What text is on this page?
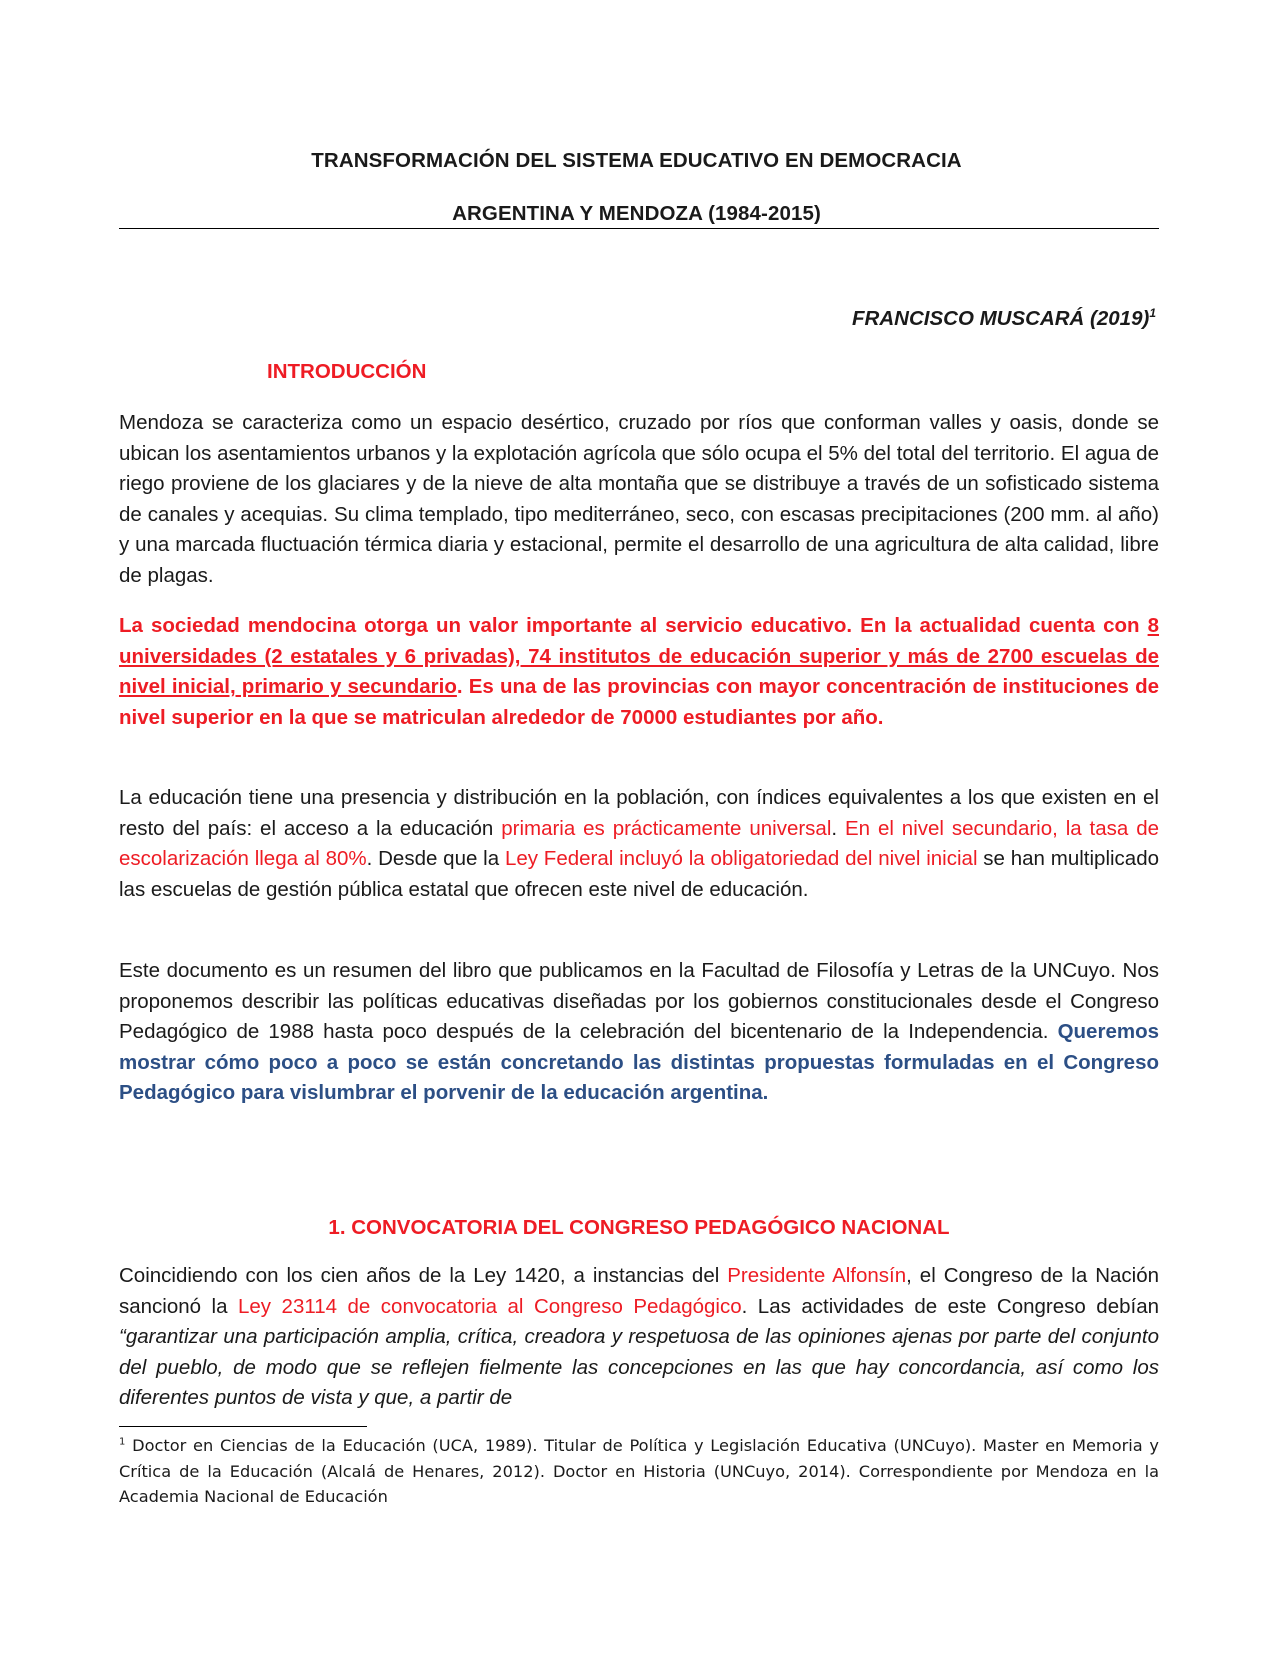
TRANSFORMACIÓN DEL SISTEMA EDUCATIVO EN DEMOCRACIA
ARGENTINA Y MENDOZA (1984-2015)
FRANCISCO MUSCARÁ $(2019)^1$
INTRODUCCIÓN
Mendoza se caracteriza como un espacio desértico, cruzado por ríos que conforman valles y oasis, donde se ubican los asentamientos urbanos y la explotación agrícola que sólo ocupa el 5% del total del territorio. El agua de riego proviene de los glaciares y de la nieve de alta montaña que se distribuye a través de un sofisticado sistema de canales y acequias. Su clima templado, tipo mediterráneo, seco, con escasas precipitaciones (200 mm. al año) y una marcada fluctuación térmica diaria y estacional, permite el desarrollo de una agricultura de alta calidad, libre de plagas.
La sociedad mendocina otorga un valor importante al servicio educativo. En la actualidad cuenta con 8 universidades (2 estatales y 6 privadas), 74 institutos de educación superior y más de 2700 escuelas de nivel inicial, primario y secundario. Es una de las provincias con mayor concentración de instituciones de nivel superior en la que se matriculan alrededor de 70000 estudiantes por año.
La educación tiene una presencia y distribución en la población, con índices equivalentes a los que existen en el resto del país: el acceso a la educación primaria es prácticamente universal. En el nivel secundario, la tasa de escolarización llega al 80%. Desde que la Ley Federal incluyó la obligatoriedad del nivel inicial se han multiplicado las escuelas de gestión pública estatal que ofrecen este nivel de educación.
Este documento es un resumen del libro que publicamos en la Facultad de Filosofía y Letras de la UNCuyo. Nos proponemos describir las políticas educativas diseñadas por los gobiernos constitucionales desde el Congreso Pedagógico de 1988 hasta poco después de la celebración del bicentenario de la Independencia. Queremos mostrar cómo poco a poco se están concretando las distintas propuestas formuladas en el Congreso Pedagógico para vislumbrar el porvenir de la educación argentina.
1. CONVOCATORIA DEL CONGRESO PEDAGÓGICO NACIONAL
Coincidiendo con los cien años de la Ley 1420, a instancias del Presidente Alfonsín, el Congreso de la Nación sancionó la Ley 23114 de convocatoria al Congreso Pedagógico. Las actividades de este Congreso debían “garantizar una participación amplia, crítica, creadora y respetuosa de las opiniones ajenas por parte del conjunto del pueblo, de modo que se reflejen fielmente las concepciones en las que hay concordancia, así como los diferentes puntos de vista y que, a partir de
$^1$ Doctor en Ciencias de la Educación (UCA, 1989). Titular de Política y Legislación Educativa (UNCuyo). Master en Memoria y Crítica de la Educación (Alcalá de Henares, 2012). Doctor en Historia (UNCuyo, 2014). Correspondiente por Mendoza en la Academia Nacional de Educación
